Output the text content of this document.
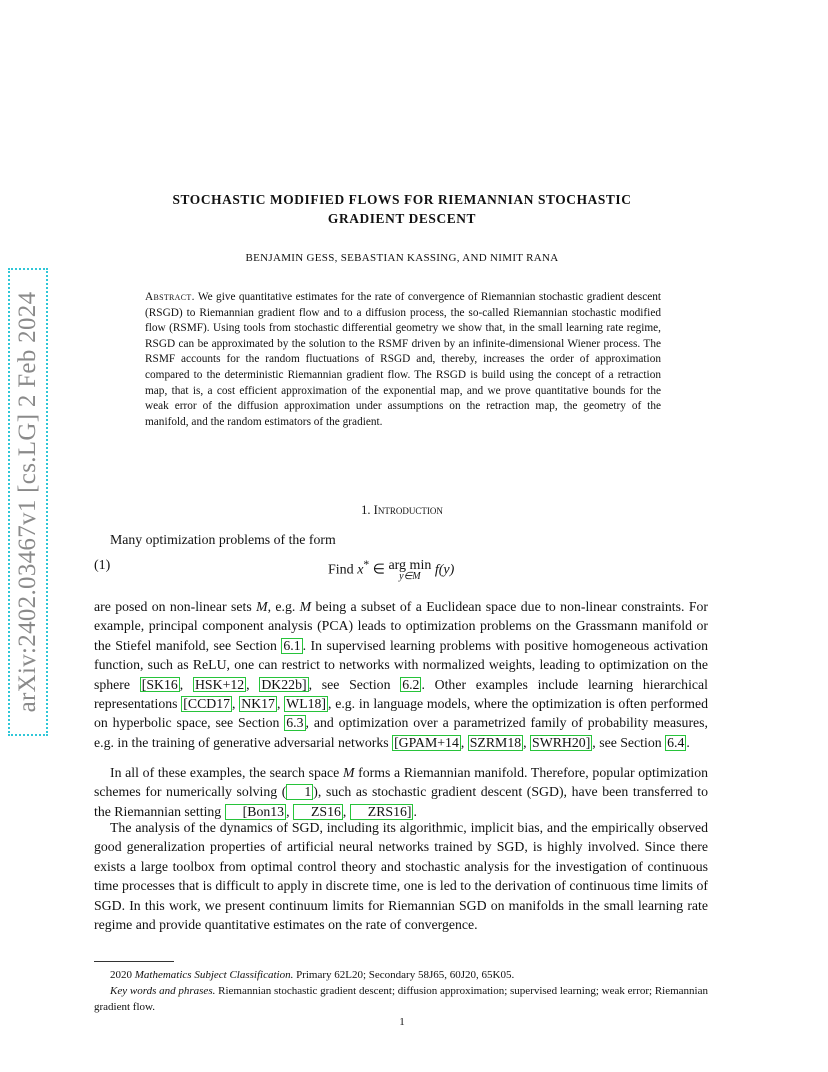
arXiv:2402.03467v1 [cs.LG] 2 Feb 2024
STOCHASTIC MODIFIED FLOWS FOR RIEMANNIAN STOCHASTIC
GRADIENT DESCENT
BENJAMIN GESS, SEBASTIAN KASSING, AND NIMIT RANA
Abstract. We give quantitative estimates for the rate of convergence of Riemannian stochastic gradient descent (RSGD) to Riemannian gradient flow and to a diffusion process, the so-called Riemannian stochastic modified flow (RSMF). Using tools from stochastic differential geometry we show that, in the small learning rate regime, RSGD can be approximated by the solution to the RSMF driven by an infinite-dimensional Wiener process. The RSMF accounts for the random fluctuations of RSGD and, thereby, increases the order of approximation compared to the deterministic Riemannian gradient flow. The RSGD is build using the concept of a retraction map, that is, a cost efficient approximation of the exponential map, and we prove quantitative bounds for the weak error of the diffusion approximation under assumptions on the retraction map, the geometry of the manifold, and the random estimators of the gradient.
1. Introduction
Many optimization problems of the form
(1)	Find x* ∈ arg min
y∈M f(y)
are posed on non-linear sets M, e.g. M being a subset of a Euclidean space due to non-linear constraints. For example, principal component analysis (PCA) leads to optimization problems on the Grassmann manifold or the Stiefel manifold, see Section 6.1 . In supervised learning problems with positive homogeneous activation function, such as ReLU, one can restrict to networks with normalized weights, leading to optimization on the sphere [SK16 , HSK+12 , DK22b] , see Section 6.2 . Other examples include learning hierarchical representations [CCD17 , NK17 , WL18] , e.g. in language models, where the optimization is often performed on hyperbolic space, see Section 6.3 , and optimization over a parametrized family of probability measures, e.g. in the training of generative adversarial networks [GPAM+14 , SZRM18 , SWRH20] , see Section 6.4 .
In all of these examples, the search space M forms a Riemannian manifold. Therefore, popular optimization schemes for numerically solving ( 1 ), such as stochastic gradient descent (SGD), have been transferred to the Riemannian setting [Bon13 , ZS16 , ZRS16] .
The analysis of the dynamics of SGD, including its algorithmic, implicit bias, and the empirically observed good generalization properties of artificial neural networks trained by SGD, is highly involved. Since there exists a large toolbox from optimal control theory and stochastic analysis for the investigation of continuous time processes that is difficult to apply in discrete time, one is led to the derivation of continuous time limits of SGD. In this work, we present continuum limits for Riemannian SGD on manifolds in the small learning rate regime and provide quantitative estimates on the rate of convergence.
2020 Mathematics Subject Classification. Primary 62L20; Secondary 58J65, 60J20, 65K05.
Key words and phrases. Riemannian stochastic gradient descent; diffusion approximation; supervised learning; weak error; Riemannian gradient flow.
1
